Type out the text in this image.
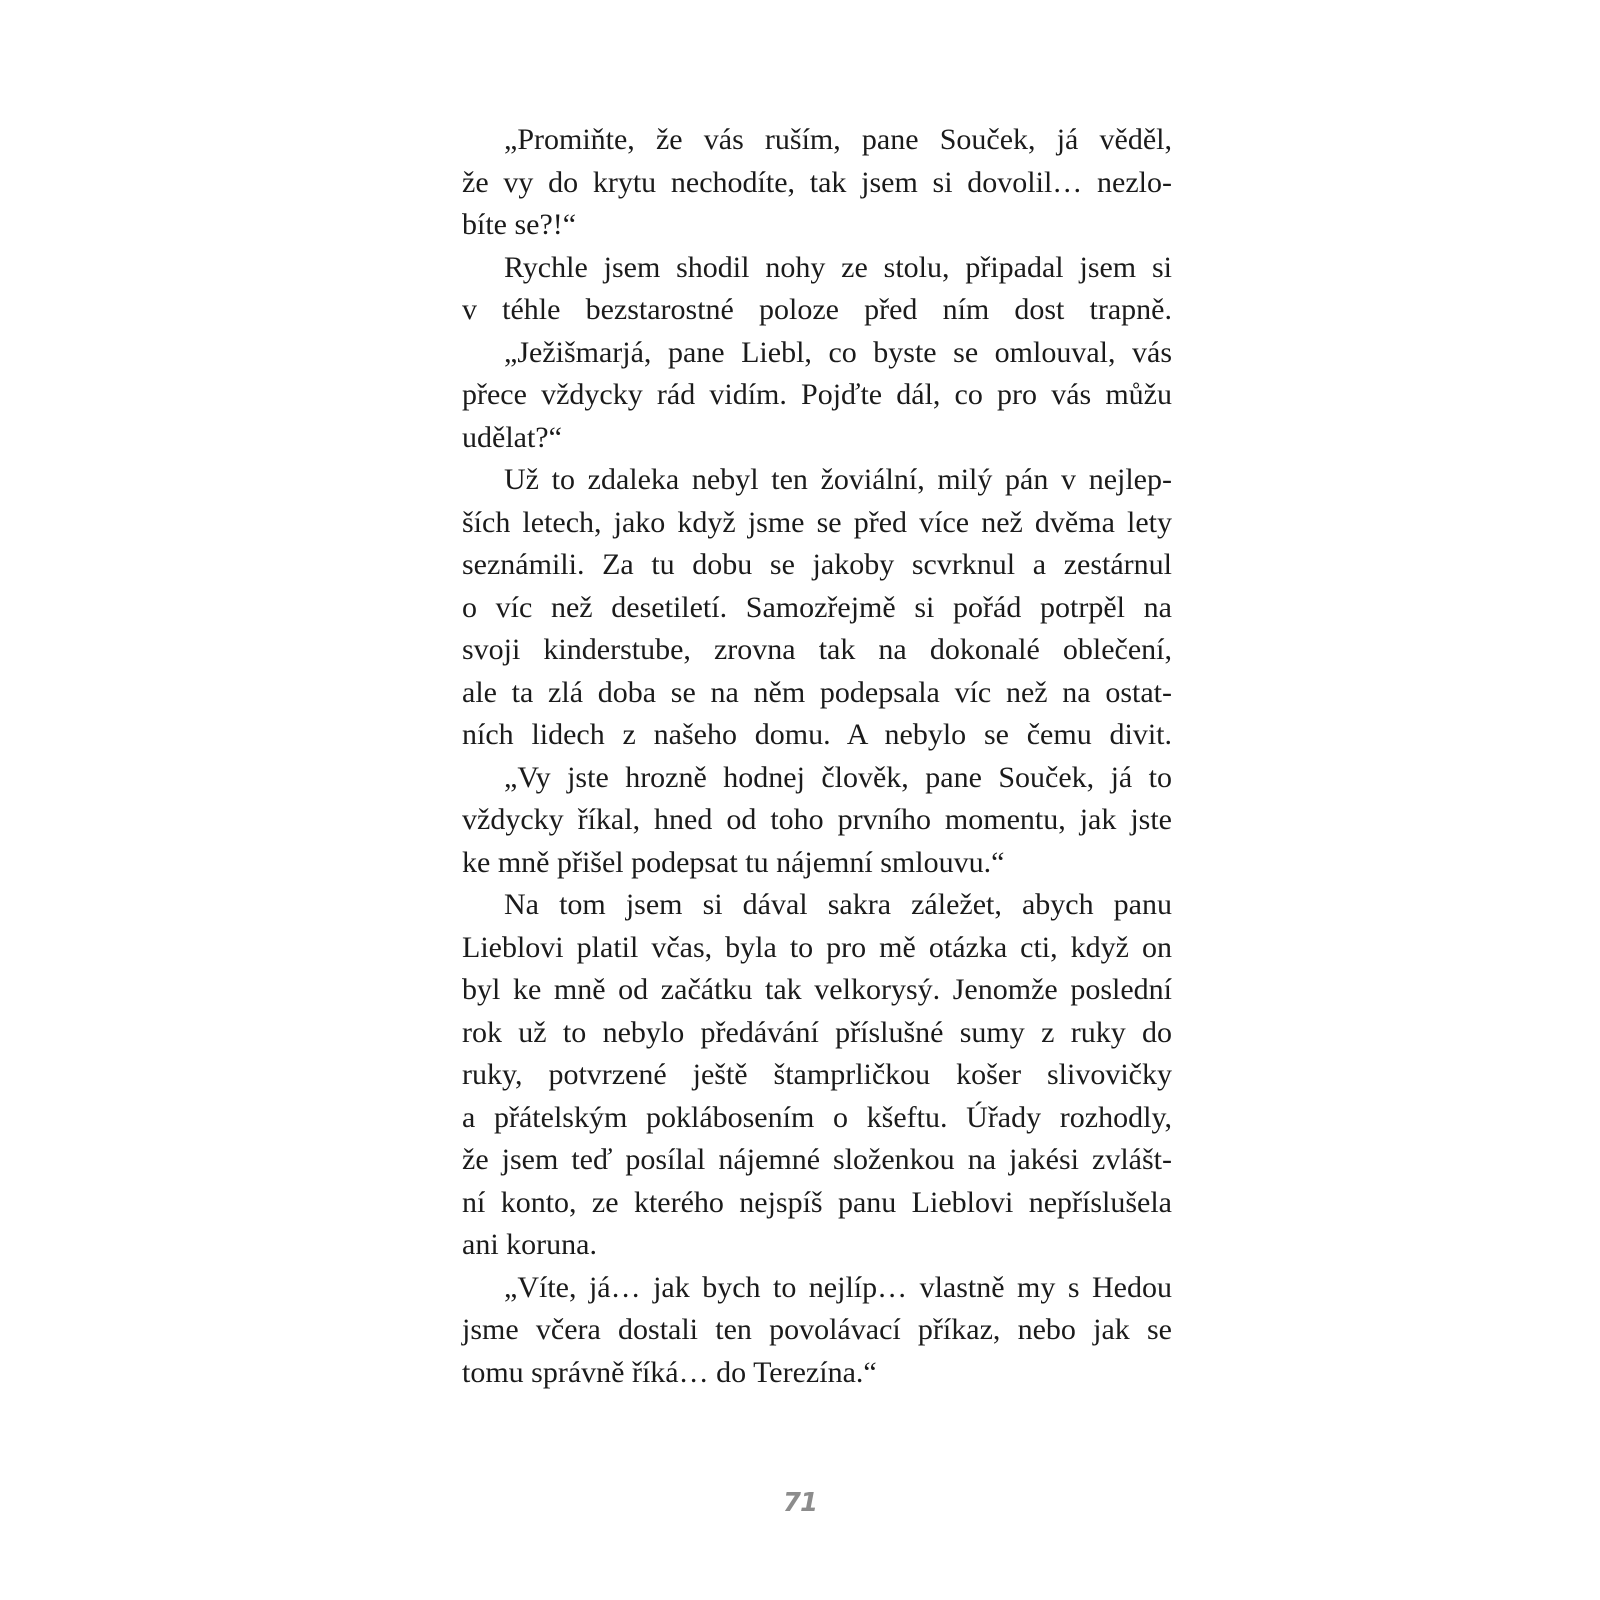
„Promiňte, že vás ruším, pane Souček, já věděl,
že vy do krytu nechodíte, tak jsem si dovolil… nezlo-
bíte se?!“
Rychle jsem shodil nohy ze stolu, připadal jsem si
v téhle bezstarostné poloze před ním dost trapně.
„Ježišmarjá, pane Liebl, co byste se omlouval, vás
přece vždycky rád vidím. Pojďte dál, co pro vás můžu
udělat?“
Už to zdaleka nebyl ten žoviální, milý pán v nejlep-
ších letech, jako když jsme se před více než dvěma lety
seznámili. Za tu dobu se jakoby scvrknul a zestárnul
o víc než desetiletí. Samozřejmě si pořád potrpěl na
svoji kinderstube, zrovna tak na dokonalé oblečení,
ale ta zlá doba se na něm podepsala víc než na ostat-
ních lidech z našeho domu. A nebylo se čemu divit.
„Vy jste hrozně hodnej člověk, pane Souček, já to
vždycky říkal, hned od toho prvního momentu, jak jste
ke mně přišel podepsat tu nájemní smlouvu.“
Na tom jsem si dával sakra záležet, abych panu
Lieblovi platil včas, byla to pro mě otázka cti, když on
byl ke mně od začátku tak velkorysý. Jenomže poslední
rok už to nebylo předávání příslušné sumy z ruky do
ruky, potvrzené ještě štamprličkou košer slivovičky
a přátelským poklábosením o kšeftu. Úřady rozhodly,
že jsem teď posílal nájemné složenkou na jakési zvlášt-
ní konto, ze kterého nejspíš panu Lieblovi nepříslušela
ani koruna.
„Víte, já… jak bych to nejlíp… vlastně my s Hedou
jsme včera dostali ten povolávací příkaz, nebo jak se
tomu správně říká… do Terezína.“
71
